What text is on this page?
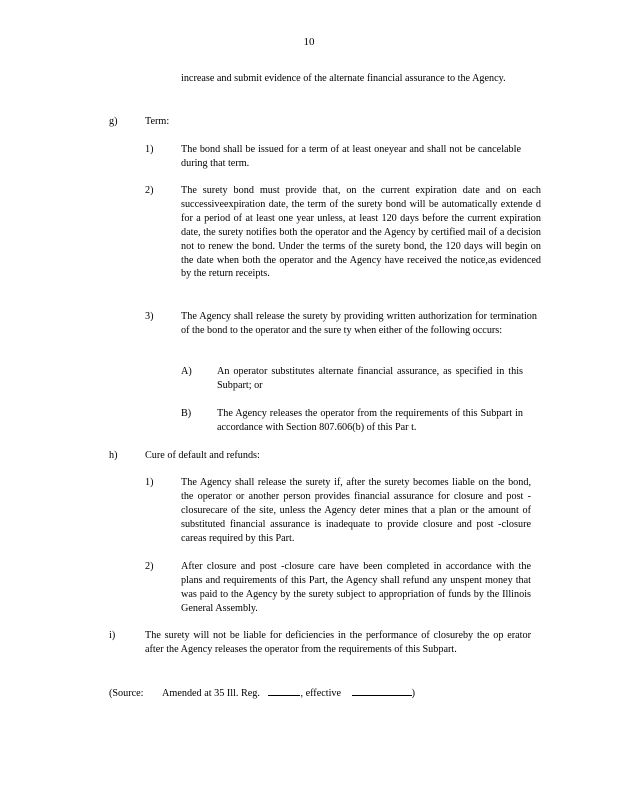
10
increase and submit evidence of the alternate financial assurance to the Agency.
g)	Term:
1)	The bond shall be issued for a term of at least oneyear and shall not be cancelable during that term.
2)	The surety bond must provide that, on the current expiration date and on each successiveexpiration date, the term of the surety bond will be automatically extende d for a period of at least one year unless, at least 120 days before the current expiration date, the surety notifies both the operator and the Agency by certified mail of a decision not to renew the bond. Under the terms of the surety bond, the 120 days will begin on the date when both the operator and the Agency have received the notice,as evidenced by the return receipts.
3)	The Agency shall release the surety by providing written authorization for termination of the bond to the operator and the sure ty when either of the following occurs:
A) An operator substitutes alternate financial assurance, as specified in this Subpart; or
B)	The Agency releases the operator from the requirements of this Subpart in accordance with Section 807.606(b) of this Par t.
h)	Cure of default and refunds:
1)	The Agency shall release the surety if, after the surety becomes liable on the bond, the operator or another person provides financial assurance for closure and post -closurecare of the site, unless the Agency deter mines that a plan or the amount of substituted financial assurance is inadequate to provide closure and post -closure careas required by this Part.
2)	After closure and post -closure care have been completed in accordance with the plans and requirements of this Part, the Agency shall refund any unspent money that was paid to the Agency by the surety subject to appropriation of funds by the Illinois General Assembly.
i)	The surety will not be liable for deficiencies in the performance of closureby the op erator after the Agency releases the operator from the requirements of this Subpart.
(Source: Amended at 35 Ill. Reg.	, effective	)
